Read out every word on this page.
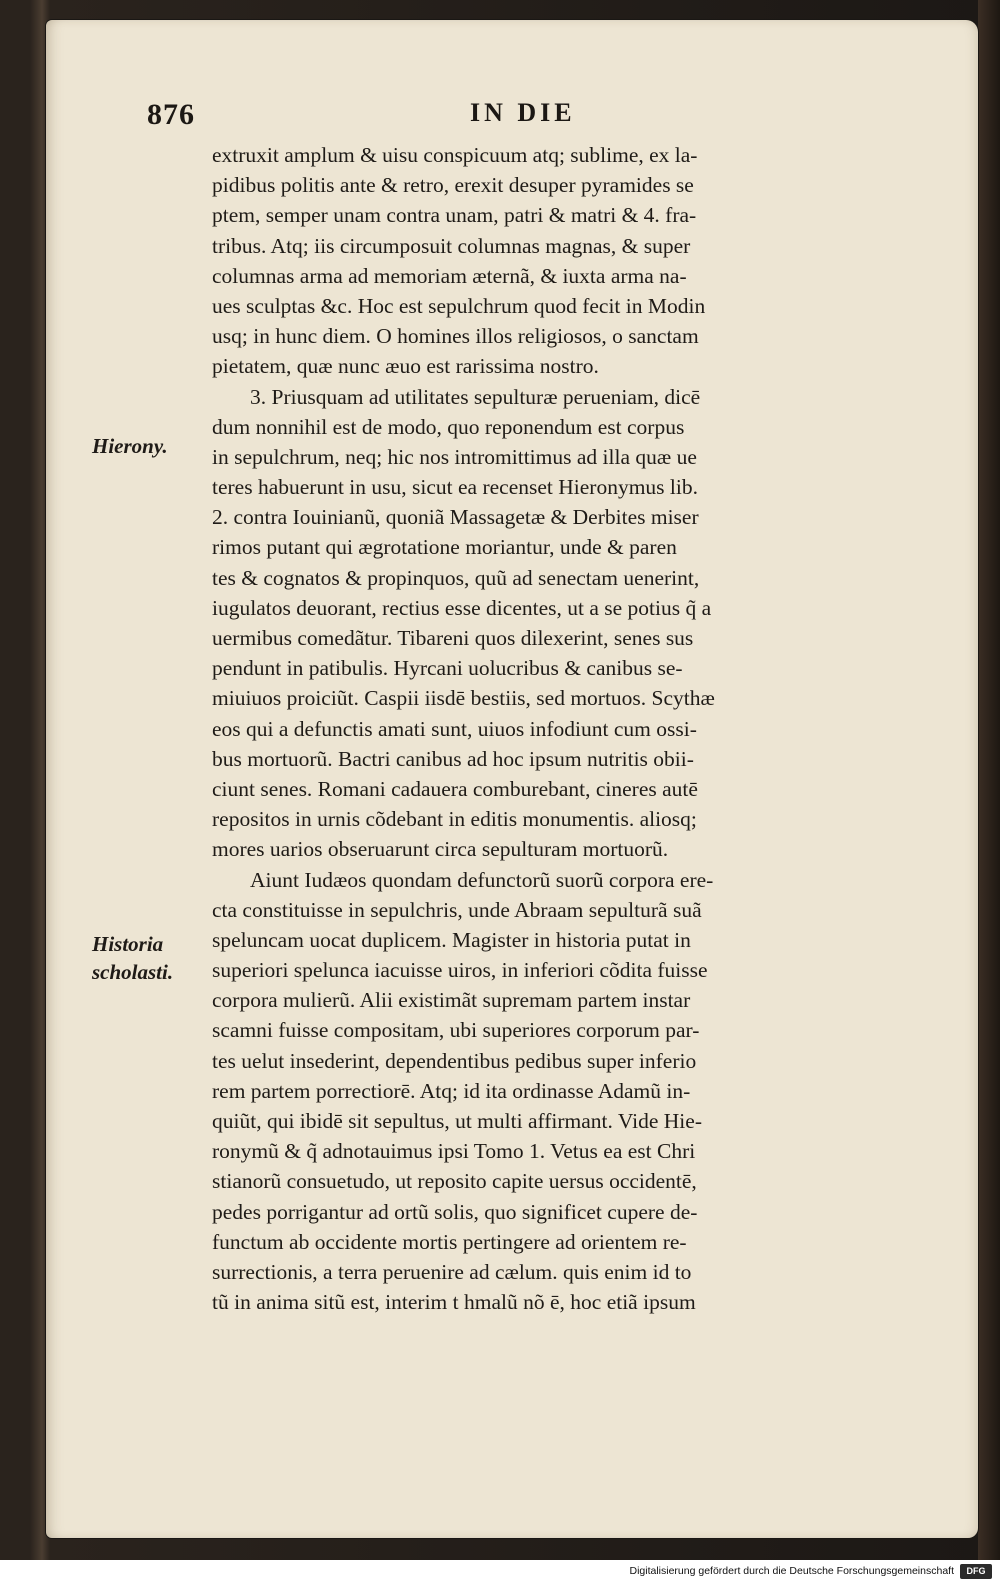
876	IN DIE
Hierony.
Historia scholasti.
extruxit amplum & uisu conspicuum atq; sublime, ex la-
pidibus politis ante & retro, erexit desuper pyramides se
ptem, semper unam contra unam, patri & matri & 4. fra-
tribus. Atq; iis circumposuit columnas magnas, & super
columnas arma ad memoriam æternã, & iuxta arma na-
ues sculptas &c. Hoc est sepulchrum quod fecit in Modin
usq; in hunc diem. O homines illos religiosos, o sanctam
pietatem, quæ nunc æuo est rarissima nostro.
3. Priusquam ad utilitates sepulturæ perueniam, dicē
dum nonnihil est de modo, quo reponendum est corpus
in sepulchrum, neq; hic nos intromittimus ad illa quæ ue
teres habuerunt in usu, sicut ea recenset Hieronymus lib.
2. contra Iouinianũ, quoniã Massagetæ & Derbites miser
rimos putant qui ægrotatione moriantur, unde & paren
tes & cognatos & propinquos, quũ ad senectam uenerint,
iugulatos deuorant, rectius esse dicentes, ut a se potius q̃ a
uermibus comedãtur. Tibareni quos dilexerint, senes sus
pendunt in patibulis. Hyrcani uolucribus & canibus se-
miuiuos proiciũt. Caspii iisdē bestiis, sed mortuos. Scythæ
eos qui a defunctis amati sunt, uiuos infodiunt cum ossi-
bus mortuorũ. Bactri canibus ad hoc ipsum nutritis obii-
ciunt senes. Romani cadauera comburebant, cineres autē
repositos in urnis cõdebant in editis monumentis. aliosq;
mores uarios obseruarunt circa sepulturam mortuorũ.
Aiunt Iudæos quondam defunctorũ suorũ corpora ere-
cta constituisse in sepulchris, unde Abraam sepulturã suã
speluncam uocat duplicem. Magister in historia putat in
superiori spelunca iacuisse uiros, in inferiori cõdita fuisse
corpora mulierũ. Alii existimãt supremam partem instar
scamni fuisse compositam, ubi superiores corporum par-
tes uelut insederint, dependentibus pedibus super inferio
rem partem porrectiorē. Atq; id ita ordinasse Adamũ in-
quiũt, qui ibidē sit sepultus, ut multi affirmant. Vide Hie-
ronymũ & q̃ adnotauimus ipsi Tomo 1. Vetus ea est Chri
stianorũ consuetudo, ut reposito capite uersus occidentē,
pedes porrigantur ad ortũ solis, quo significet cupere de-
functum ab occidente mortis pertingere ad orientem re-
surrectionis, a terra peruenire ad cælum. quis enim id to
tũ in anima sitũ est, interim t hmalũ nõ ē, hoc etiã ipsum
Digitalisierung gefördert durch die Deutsche Forschungsgemeinschaft	DFG
